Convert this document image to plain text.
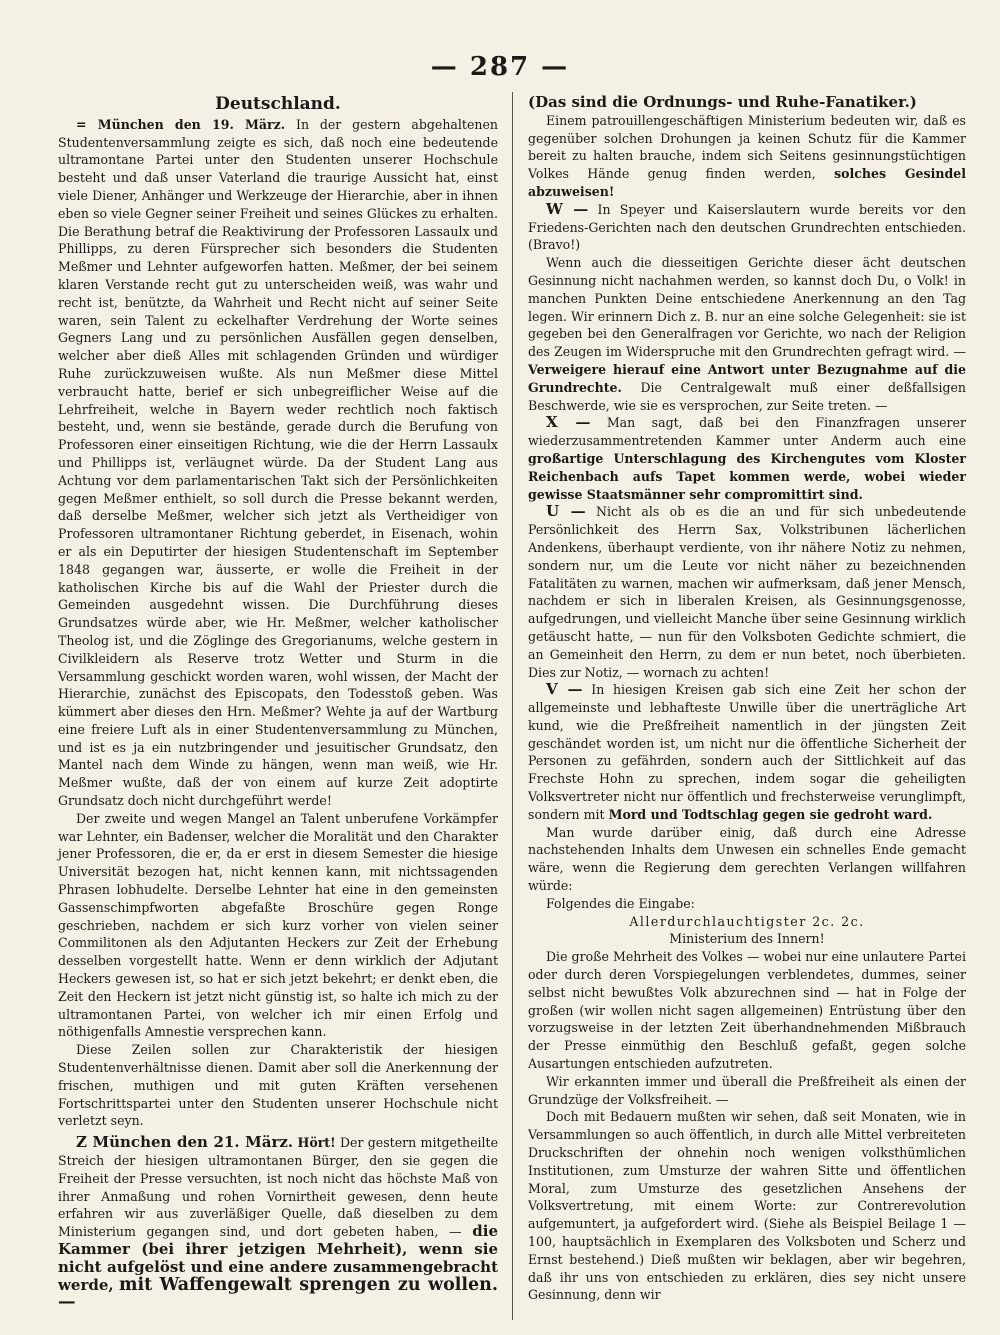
— 287 —
Deutschland.

= München den 19. März. In der gestern abgehaltenen Studentenversammlung zeigte es sich, daß noch eine bedeutende ultramontane Partei unter den Studenten unserer Hochschule besteht und daß unser Vaterland die traurige Aussicht hat, einst viele Diener, Anhänger und Werkzeuge der Hierarchie, aber in ihnen eben so viele Gegner seiner Freiheit und seines Glückes zu erhalten. Die Berathung betraf die Reaktivirung der Professoren Lassaulx und Phillipps, zu deren Fürsprecher sich besonders die Studenten Meßmer und Lehnter aufgeworfen hatten. Meßmer, der bei seinem klaren Verstande recht gut zu unterscheiden weiß, was wahr und recht ist, benützte, da Wahrheit und Recht nicht auf seiner Seite waren, sein Talent zu eckelhafter Verdrehung der Worte seines Gegners Lang und zu persönlichen Ausfällen gegen denselben, welcher aber dieß Alles mit schlagenden Gründen und würdiger Ruhe zurückzuweisen wußte. Als nun Meßmer diese Mittel verbraucht hatte, berief er sich unbegreiflicher Weise auf die Lehrfreiheit, welche in Bayern weder rechtlich noch faktisch besteht, und, wenn sie bestände, gerade durch die Berufung von Professoren einer einseitigen Richtung, wie die der Herrn Lassaulx und Phillipps ist, verläugnet würde. Da der Student Lang aus Achtung vor dem parlamentarischen Takt sich der Persönlichkeiten gegen Meßmer enthielt, so soll durch die Presse bekannt werden, daß derselbe Meßmer, welcher sich jetzt als Vertheidiger von Professoren ultramontaner Richtung geberdet, in Eisenach, wohin er als ein Deputirter der hiesigen Studentenschaft im September 1848 gegangen war, äusserte, er wolle die Freiheit in der katholischen Kirche bis auf die Wahl der Priester durch die Gemeinden ausgedehnt wissen. Die Durchführung dieses Grundsatzes würde aber, wie Hr. Meßmer, welcher katholischer Theolog ist, und die Zöglinge des Gregorianums, welche gestern in Civilkleidern als Reserve trotz Wetter und Sturm in die Versammlung geschickt worden waren, wohl wissen, der Macht der Hierarchie, zunächst des Episcopats, den Todesstoß geben. Was kümmert aber dieses den Hrn. Meßmer? Wehte ja auf der Wartburg eine freiere Luft als in einer Studentenversammlung zu München, und ist es ja ein nutzbringender und jesuitischer Grundsatz, den Mantel nach dem Winde zu hängen, wenn man weiß, wie Hr. Meßmer wußte, daß der von einem auf kurze Zeit adoptirte Grundsatz doch nicht durchgeführt werde!

Der zweite und wegen Mangel an Talent unberufene Vorkämpfer war Lehnter, ein Badenser, welcher die Moralität und den Charakter jener Professoren, die er, da er erst in diesem Semester die hiesige Universität bezogen hat, nicht kennen kann, mit nichtssagenden Phrasen lobhudelte. Derselbe Lehnter hat eine in den gemeinsten Gassenschimpfworten abgefaßte Broschüre gegen Ronge geschrieben, nachdem er sich kurz vorher von vielen seiner Commilitonen als den Adjutanten Heckers zur Zeit der Erhebung desselben vorgestellt hatte. Wenn er denn wirklich der Adjutant Heckers gewesen ist, so hat er sich jetzt bekehrt; er denkt eben, die Zeit den Heckern ist jetzt nicht günstig ist, so halte ich mich zu der ultramontanen Partei, von welcher ich mir einen Erfolg und nöthigenfalls Amnestie versprechen kann.

Diese Zeilen sollen zur Charakteristik der hiesigen Studentenverhältnisse dienen. Damit aber soll die Anerkennung der frischen, muthigen und mit guten Kräften versehenen Fortschrittspartei unter den Studenten unserer Hochschule nicht verletzt seyn.

Z München den 21. März. Hört! Der gestern mitgetheilte Streich der hiesigen ultramontanen Bürger, den sie gegen die Freiheit der Presse versuchten, ist noch nicht das höchste Maß von ihrer Anmaßung und rohen Vornirtheit gewesen, denn heute erfahren wir aus zuverläßiger Quelle, daß dieselben zu dem Ministerium gegangen sind, und dort gebeten haben, — die Kammer (bei ihrer jetzigen Mehrheit), wenn sie nicht aufgelöst und eine andere zusammengebracht werde, mit Waffengewalt sprengen zu wollen. —

(Das sind die Ordnungs- und Ruhe-Fanatiker.)

Einem patrouillengeschäftigen Ministerium bedeuten wir, daß es gegenüber solchen Drohungen ja keinen Schutz für die Kammer bereit zu halten brauche, indem sich Seitens gesinnungstüchtigen Volkes Hände genug finden werden, solches Gesindel abzuweisen!

W — In Speyer und Kaiserslautern wurde bereits vor den Friedens-Gerichten nach den deutschen Grundrechten entschieden. (Bravo!)

Wenn auch die diesseitigen Gerichte dieser ächt deutschen Gesinnung nicht nachahmen werden, so kannst doch Du, o Volk! in manchen Punkten Deine entschiedene Anerkennung an den Tag legen. Wir erinnern Dich z. B. nur an eine solche Gelegenheit: sie ist gegeben bei den Generalfragen vor Gerichte, wo nach der Religion des Zeugen im Widerspruche mit den Grundrechten gefragt wird. — Verweigere hierauf eine Antwort unter Bezugnahme auf die Grundrechte. Die Centralgewalt muß einer deßfallsigen Beschwerde, wie sie es versprochen, zur Seite treten. —

X — Man sagt, daß bei den Finanzfragen unserer wiederzusammentretenden Kammer unter Anderm auch eine großartige Unterschlagung des Kirchengutes vom Kloster Reichenbach aufs Tapet kommen werde, wobei wieder gewisse Staatsmänner sehr compromittirt sind.

U — Nicht als ob es die an und für sich unbedeutende Persönlichkeit des Herrn Sax, Volkstribunen lächerlichen Andenkens, überhaupt verdiente, von ihr nähere Notiz zu nehmen, sondern nur, um die Leute vor nicht näher zu bezeichnenden Fatalitäten zu warnen, machen wir aufmerksam, daß jener Mensch, nachdem er sich in liberalen Kreisen, als Gesinnungsgenosse, aufgedrungen, und vielleicht Manche über seine Gesinnung wirklich getäuscht hatte, — nun für den Volksboten Gedichte schmiert, die an Gemeinheit den Herrn, zu dem er nun betet, noch überbieten. Dies zur Notiz, — wornach zu achten!

V — In hiesigen Kreisen gab sich eine Zeit her schon der allgemeinste und lebhafteste Unwille über die unerträgliche Art kund, wie die Preßfreiheit namentlich in der jüngsten Zeit geschändet worden ist, um nicht nur die öffentliche Sicherheit der Personen zu gefährden, sondern auch der Sittlichkeit auf das Frechste Hohn zu sprechen, indem sogar die geheiligten Volksvertreter nicht nur öffentlich und frechsterweise verunglimpft, sondern mit Mord und Todtschlag gegen sie gedroht ward.

Man wurde darüber einig, daß durch eine Adresse nachstehenden Inhalts dem Unwesen ein schnelles Ende gemacht wäre, wenn die Regierung dem gerechten Verlangen willfahren würde:

Folgendes die Eingabe:

Allerdurchlauchtigster 2c. 2c.

Ministerium des Innern!

Die große Mehrheit des Volkes — wobei nur eine unlautere Partei oder durch deren Vorspiegelungen verblendetes, dummes, seiner selbst nicht bewußtes Volk abzurechnen sind — hat in Folge der großen (wir wollen nicht sagen allgemeinen) Entrüstung über den vorzugsweise in der letzten Zeit überhandnehmenden Mißbrauch der Presse einmüthig den Beschluß gefaßt, gegen solche Ausartungen entschieden aufzutreten.

Wir erkannten immer und überall die Preßfreiheit als einen der Grundzüge der Volksfreiheit. —

Doch mit Bedauern mußten wir sehen, daß seit Monaten, wie in Versammlungen so auch öffentlich, in durch alle Mittel verbreiteten Druckschriften der ohnehin noch wenigen volksthümlichen Institutionen, zum Umsturze der wahren Sitte und öffentlichen Moral, zum Umsturze des gesetzlichen Ansehens der Volksvertretung, mit einem Worte: zur Contrerevolution aufgemuntert, ja aufgefordert wird. (Siehe als Beispiel Beilage 1 — 100, hauptsächlich in Exemplaren des Volksboten und Scherz und Ernst bestehend.) Dieß mußten wir beklagen, aber wir begehren, daß ihr uns von entschieden zu erklären, dies sey nicht unsere Gesinnung, denn wir
